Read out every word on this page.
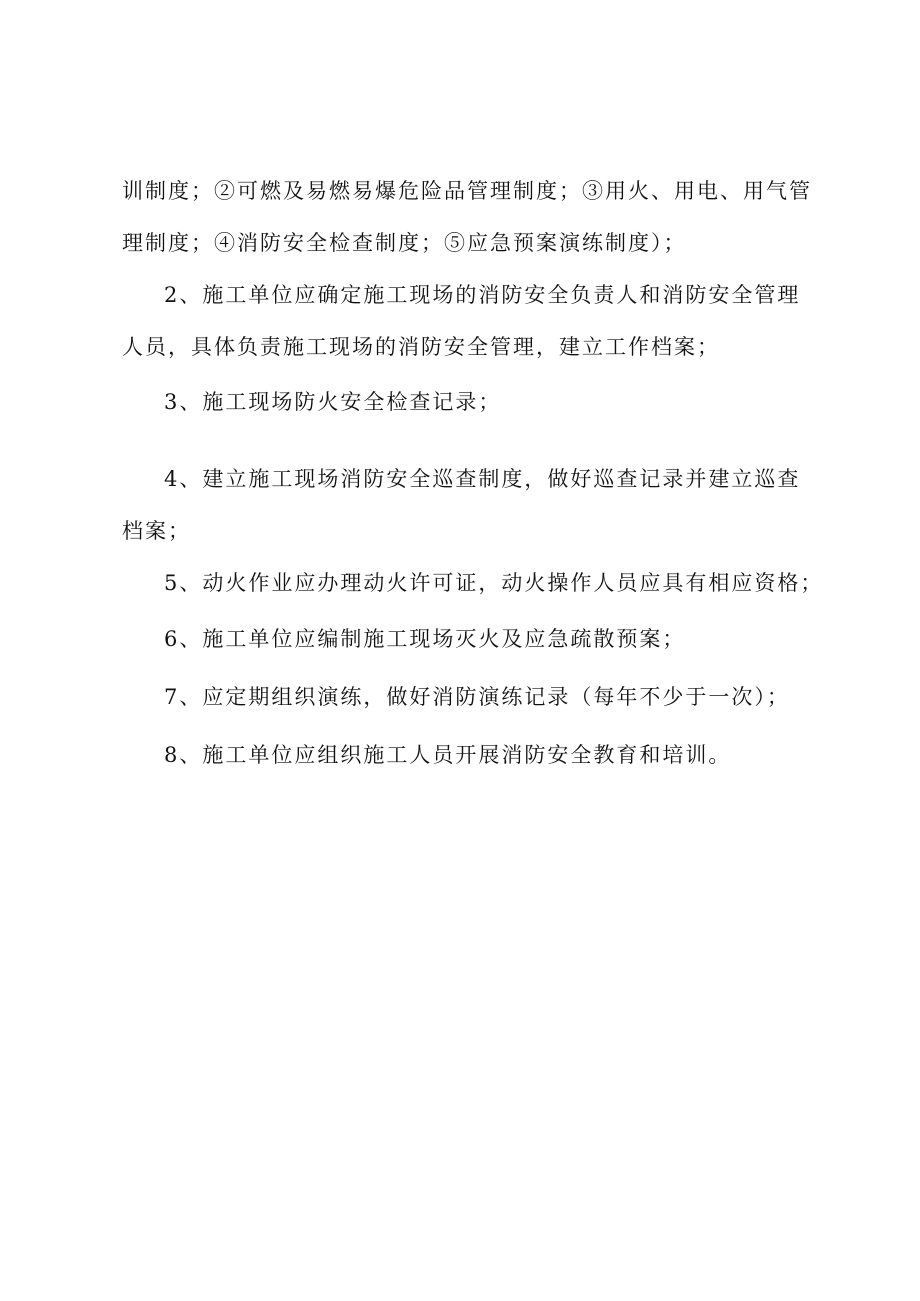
训制度；②可燃及易燃易爆危险品管理制度；③用火、用电、用气管
理制度；④消防安全检查制度；⑤应急预案演练制度）；
2、施工单位应确定施工现场的消防安全负责人和消防安全管理
人员，具体负责施工现场的消防安全管理，建立工作档案；
3、施工现场防火安全检查记录；
4、建立施工现场消防安全巡查制度，做好巡查记录并建立巡查
档案；
5、动火作业应办理动火许可证，动火操作人员应具有相应资格；
6、施工单位应编制施工现场灭火及应急疏散预案；
7、应定期组织演练，做好消防演练记录（每年不少于一次）；
8、施工单位应组织施工人员开展消防安全教育和培训。
